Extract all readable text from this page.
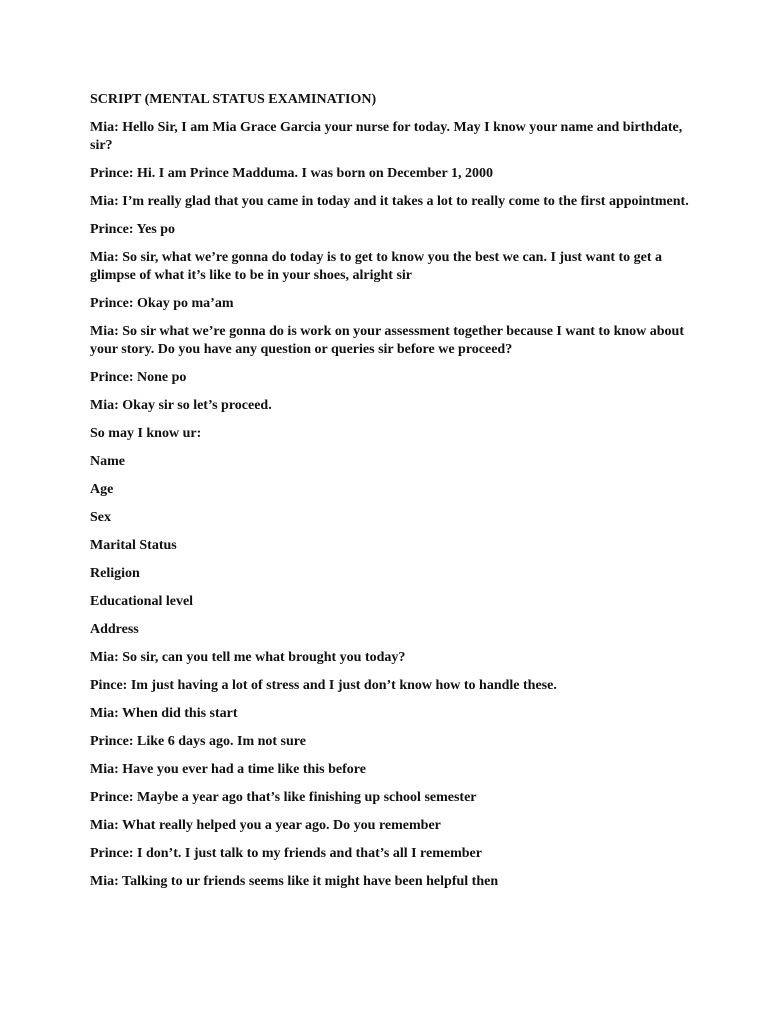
SCRIPT (MENTAL STATUS EXAMINATION)
Mia: Hello Sir, I am Mia Grace Garcia your nurse for today. May I know your name and birthdate, sir?
Prince: Hi. I am Prince Madduma. I was born on December 1, 2000
Mia: I’m really glad that you came in today and it takes a lot to really come to the first appointment.
Prince: Yes po
Mia: So sir, what we’re gonna do today is to get to know you the best we can. I just want to get a glimpse of what it’s like to be in your shoes, alright sir
Prince: Okay po ma’am
Mia: So sir what we’re gonna do is work on your assessment together because I want to know about your story. Do you have any question or queries sir before we proceed?
Prince: None po
Mia: Okay sir so let’s proceed.
So may I know ur:
Name
Age
Sex
Marital Status
Religion
Educational level
Address
Mia: So sir, can you tell me what brought you today?
Pince: Im just having a lot of stress and I just don’t know how to handle these.
Mia: When did this start
Prince: Like 6 days ago. Im not sure
Mia: Have you ever had a time like this before
Prince: Maybe a year ago that’s like finishing up school semester
Mia: What really helped you a year ago. Do you remember
Prince: I don’t. I just talk to my friends and that’s all I remember
Mia: Talking to ur friends seems like it might have been helpful then
